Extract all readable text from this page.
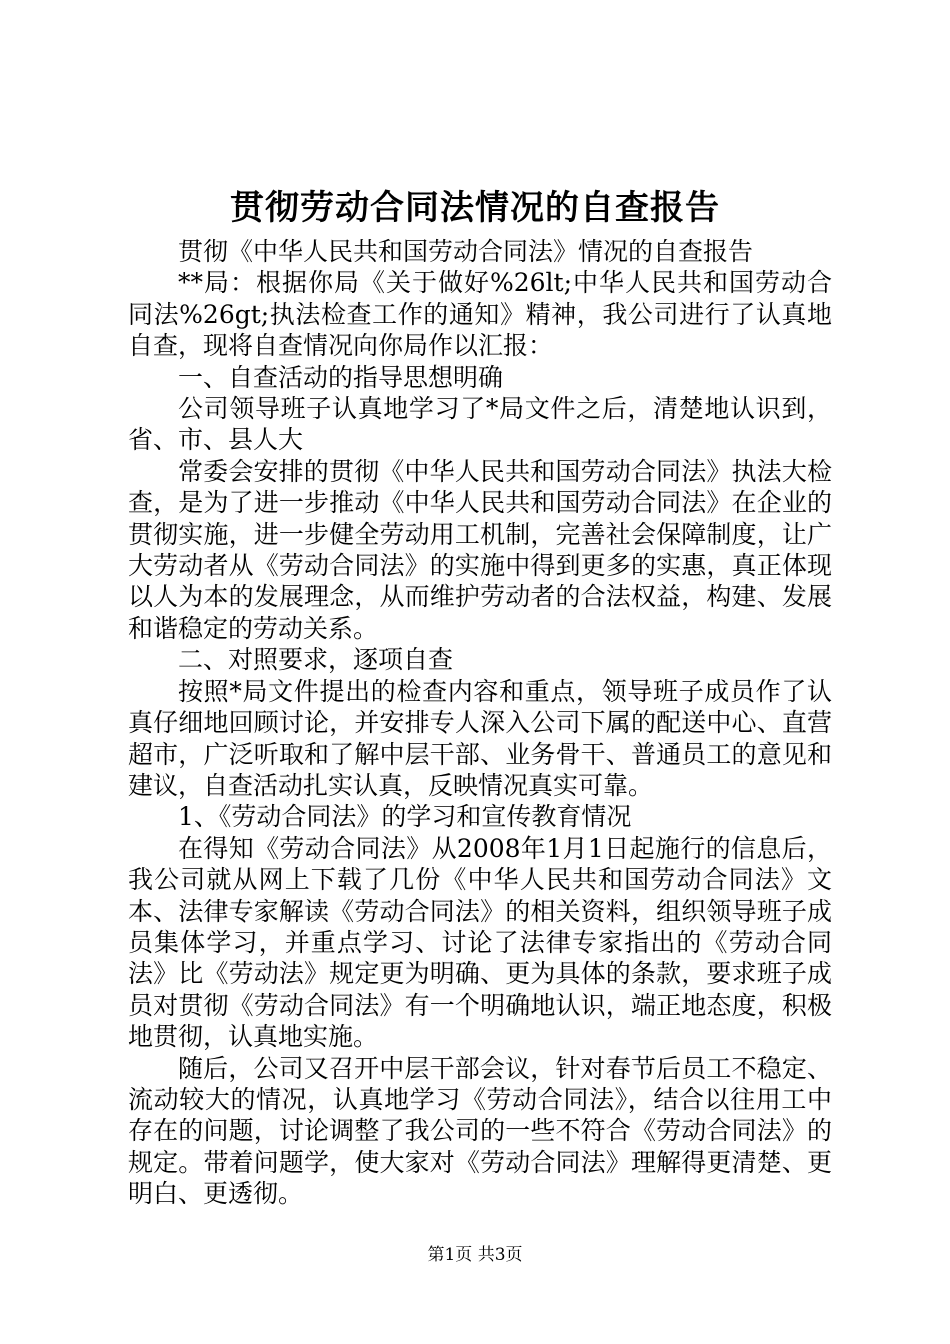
贯彻劳动合同法情况的自查报告

贯彻《中华人民共和国劳动合同法》情况的自查报告

**局：根据你局《关于做好%26lt;中华人民共和国劳动合同法%26gt;执法检查工作的通知》精神，我公司进行了认真地自查，现将自查情况向你局作以汇报：

一、自查活动的指导思想明确

公司领导班子认真地学习了*局文件之后，清楚地认识到，省、市、县人大

常委会安排的贯彻《中华人民共和国劳动合同法》执法大检查，是为了进一步推动《中华人民共和国劳动合同法》在企业的贯彻实施，进一步健全劳动用工机制，完善社会保障制度，让广大劳动者从《劳动合同法》的实施中得到更多的实惠，真正体现以人为本的发展理念，从而维护劳动者的合法权益，构建、发展和谐稳定的劳动关系。

二、对照要求，逐项自查

按照*局文件提出的检查内容和重点，领导班子成员作了认真仔细地回顾讨论，并安排专人深入公司下属的配送中心、直营超市，广泛听取和了解中层干部、业务骨干、普通员工的意见和建议，自查活动扎实认真，反映情况真实可靠。

1、《劳动合同法》的学习和宣传教育情况

在得知《劳动合同法》从2008年1月1日起施行的信息后，我公司就从网上下载了几份《中华人民共和国劳动合同法》文本、法律专家解读《劳动合同法》的相关资料，组织领导班子成员集体学习，并重点学习、讨论了法律专家指出的《劳动合同法》比《劳动法》规定更为明确、更为具体的条款，要求班子成员对贯彻《劳动合同法》有一个明确地认识，端正地态度，积极地贯彻，认真地实施。

随后，公司又召开中层干部会议，针对春节后员工不稳定、流动较大的情况，认真地学习《劳动合同法》，结合以往用工中存在的问题，讨论调整了我公司的一些不符合《劳动合同法》的规定。带着问题学，使大家对《劳动合同法》理解得更清楚、更明白、更透彻。

第1页 共3页
